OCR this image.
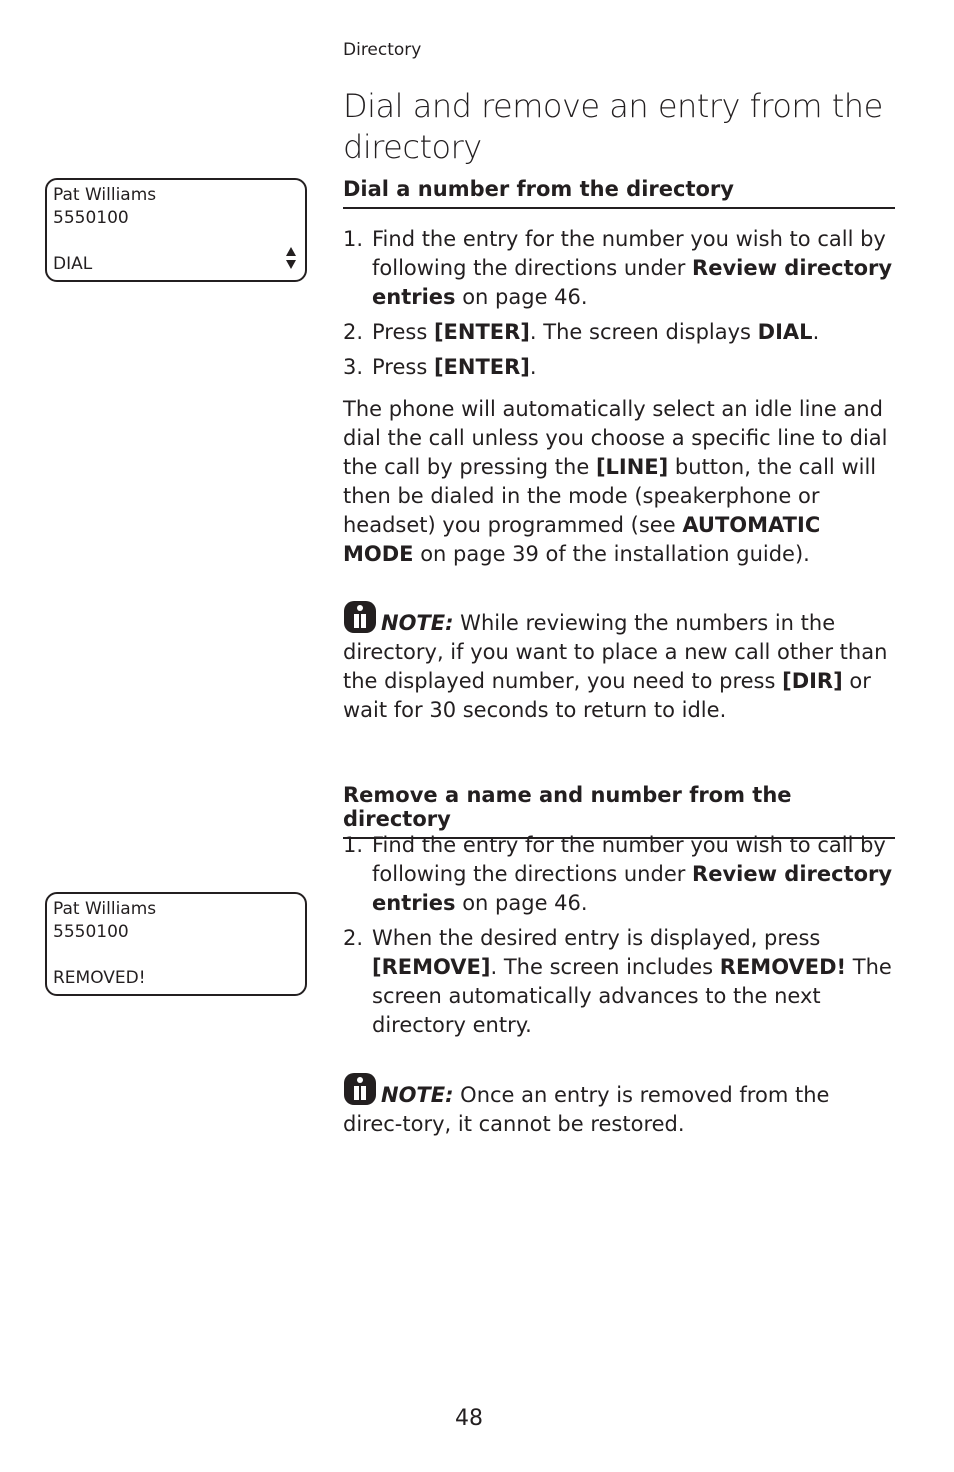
Directory
Dial and remove an entry from the directory
Pat Williams
5550100
DIAL
Dial a number from the directory
1. Find the entry for the number you wish to call by following the directions under Review directory entries on page 46.
2. Press [ENTER]. The screen displays DIAL.
3. Press [ENTER].
The phone will automatically select an idle line and dial the call unless you choose a specific line to dial the call by pressing the [LINE] button, the call will then be dialed in the mode (speakerphone or headset) you programmed (see AUTOMATIC MODE on page 39 of the installation guide).
NOTE: While reviewing the numbers in the directory, if you want to place a new call other than the displayed number, you need to press [DIR] or wait for 30 seconds to return to idle.
Remove a name and number from the directory
1. Find the entry for the number you wish to call by following the directions under Review directory entries on page 46.
2. When the desired entry is displayed, press [REMOVE]. The screen includes REMOVED! The screen automatically advances to the next directory entry.
Pat Williams
5550100
REMOVED!
NOTE: Once an entry is removed from the direc-tory, it cannot be restored.
48
